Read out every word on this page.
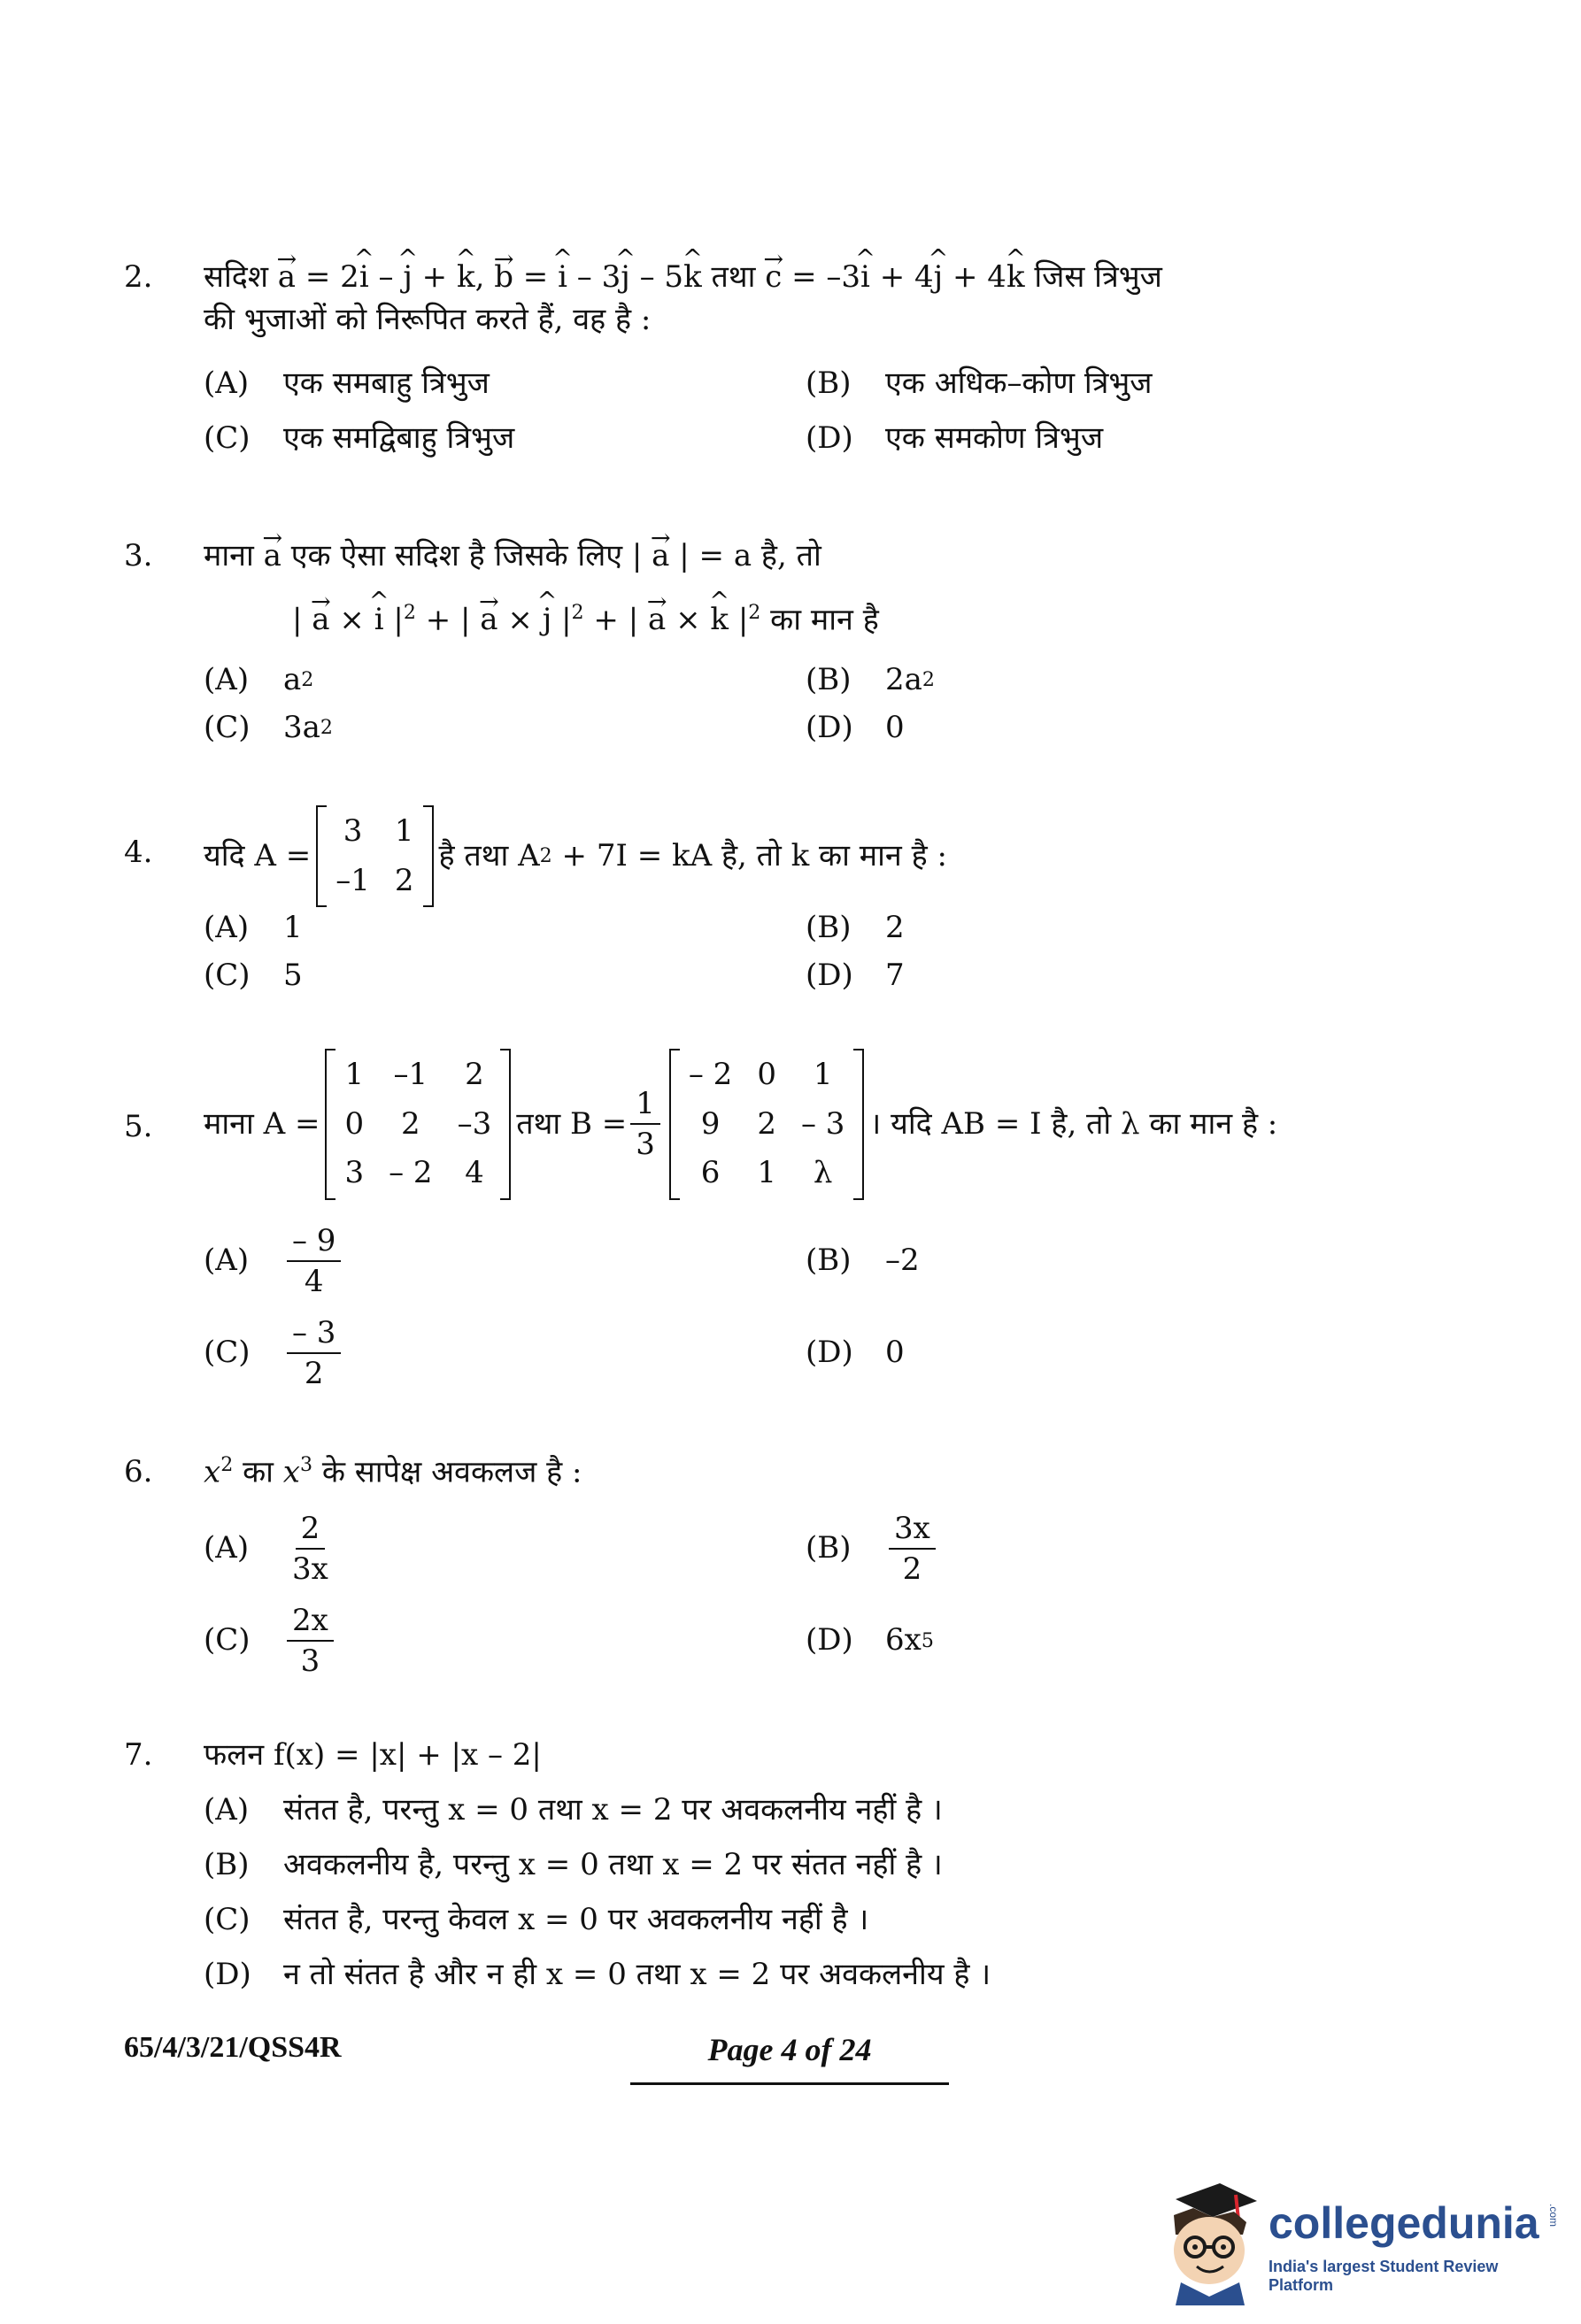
2.	सदिश → a = 2^ i – ^ j + ^ k, → b = ^ i – 3^ j – 5^ k तथा → c = –3^ i + 4^ j + 4^ k जिस त्रिभुज
की भुजाओं को निरूपित करते हैं, वह है :
(A)	एक समबाहु त्रिभुज	(B)	एक अधिक–कोण त्रिभुज
(C)	एक समद्विबाहु त्रिभुज	(D)	एक समकोण त्रिभुज
3.	माना → a एक ऐसा सदिश है जिसके लिए | → a | = a है, तो
| → a × ^ i $|^2$ + | → a × ^ j $|^2$ + | → a × ^ k $|^2$ का मान है
(A)	a 2	(B)	2a 2
(C)	3a 2	(D)	0
4.	यदि A =
3 1
–1 2
है तथा A 2
+ 7I = kA है, तो k का मान है :
(A)	1	(B)	2
(C)	5	(D)	7
5.	माना A =
1 –1 2
0	2	–3
3 – 2 4
तथा $B = \frac{1}{3}$
– 2 0	1
9	2 – 3
6	1	λ
। यदि AB = I है, तो λ का मान है :
(A)	$\frac{- 9}{4}$	(B)	–2
(C)	$\frac{- 3}{2}$	(D)	0
6.	$x^2$ का $x^3$ के सापेक्ष अवकलज है :
(A)	$\frac{2}{3x}$	(B)	$\frac{3x}{2}$
(C)	$\frac{2x}{3}$	(D)	6x 5
7.	फलन f(x) = |x| + |x – 2|
(A)	संतत है, परन्तु x = 0 तथा x = 2 पर अवकलनीय नहीं है ।
(B)	अवकलनीय है, परन्तु x = 0 तथा x = 2 पर संतत नहीं है ।
(C)	संतत है, परन्तु केवल x = 0 पर अवकलनीय नहीं है ।
(D)	न तो संतत है और न ही x = 0 तथा x = 2 पर अवकलनीय है ।
65/4/3/21/QSS4R	Page 4 of 24
collegedunia .com
India's largest Student Review Platform
